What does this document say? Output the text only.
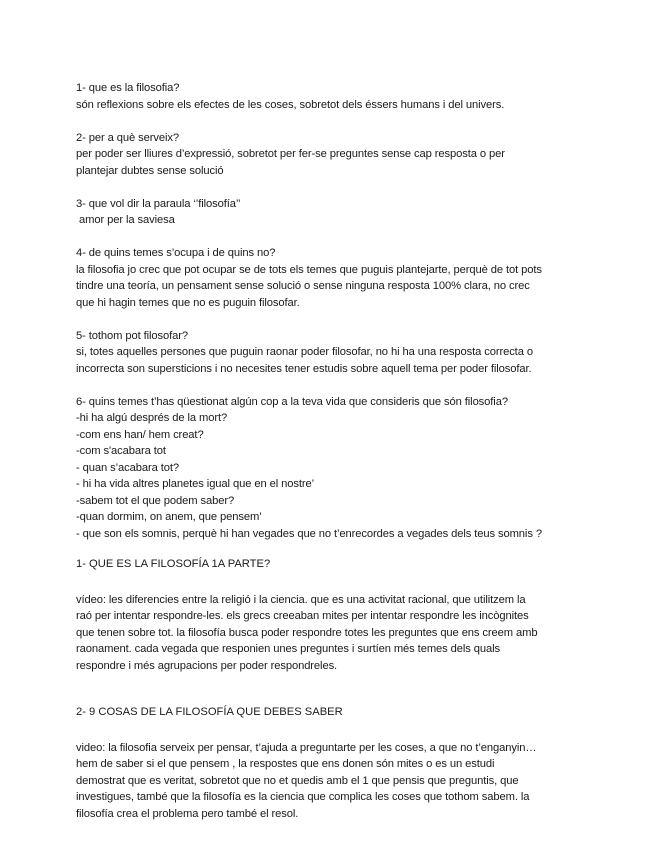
1- que es la filosofia?
són reflexions sobre els efectes de les coses, sobretot dels éssers humans i del univers.
2- per a què serveix?
per poder ser lliures d’expressió, sobretot per fer-se preguntes sense cap resposta o per
plantejar dubtes sense solució
3- que vol dir la paraula ‘’filosofía’’
amor per la saviesa
4- de quins temes s’ocupa i de quins no?
la filosofia jo crec que pot ocupar se de tots els temes que puguis plantejarte, perquè de tot pots
tindre una teoría, un pensament sense solució o sense ninguna resposta 100% clara, no crec
que hi hagin temes que no es puguin filosofar.
5- tothom pot filosofar?
si, totes aquelles persones que puguin raonar poder filosofar, no hi ha una resposta correcta o
incorrecta son supersticions i no necesites tener estudis sobre aquell tema per poder filosofar.
6- quins temes t’has qüestionat algún cop a la teva vida que consideris que són filosofia?
-hi ha algú després de la mort?
-com ens han/ hem creat?
-com s'acabara tot
- quan s’acabara tot?
- hi ha vida altres planetes igual que en el nostre’
-sabem tot el que podem saber?
-quan dormim, on anem, que pensem’
- que son els somnis, perquè hi han vegades que no t’enrecordes a vegades dels teus somnis ?
1- QUE ES LA FILOSOFÍA 1A PARTE?
vídeo: les diferencies entre la religió i la ciencia. que es una activitat racional, que utilitzem la
raó per intentar respondre-les. els grecs creeaban mites per intentar respondre les incògnites
que tenen sobre tot. la filosofía busca poder respondre totes les preguntes que ens creem amb
raonament. cada vegada que responien unes preguntes i surtíen més temes dels quals
respondre i més agrupacions per poder respondreles.
2- 9 COSAS DE LA FILOSOFÍA QUE DEBES SABER
video: la filosofia serveix per pensar, t’ajuda a preguntarte per les coses, a que no t’enganyin…
hem de saber si el que pensem , la respostes que ens donen són mites o es un estudi
demostrat que es veritat, sobretot que no et quedis amb el 1 que pensis que preguntis, que
investigues, també que la filosofía es la ciencia que complica les coses que tothom sabem. la
filosofía crea el problema pero també el resol.
